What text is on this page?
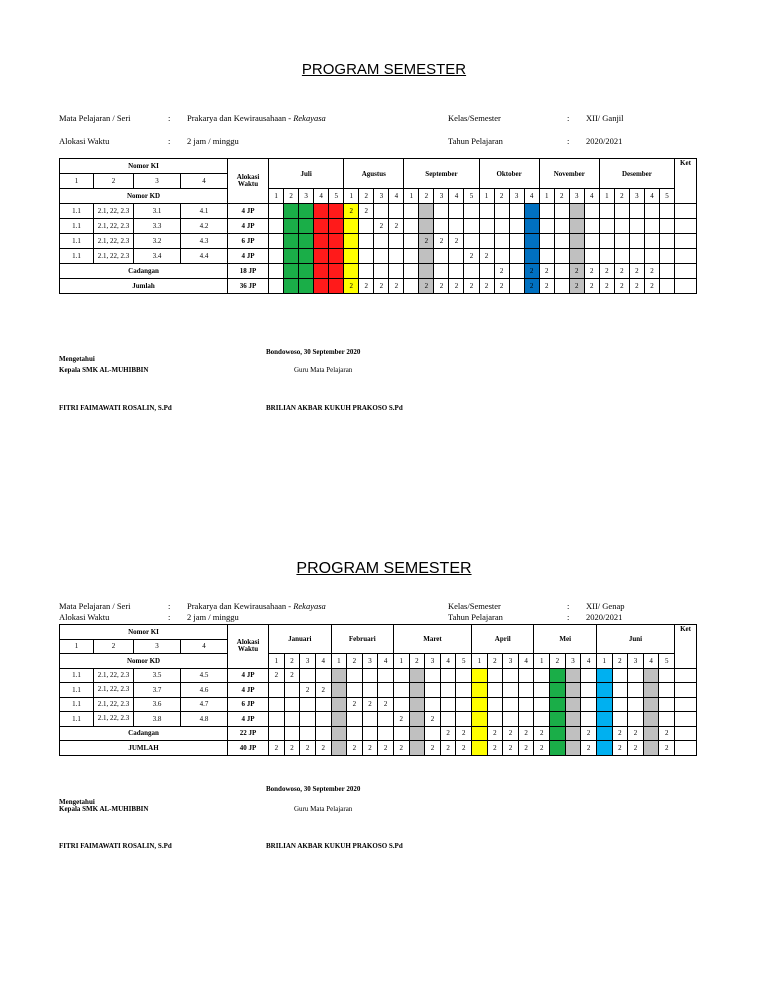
PROGRAM SEMESTER
Mata Pelajaran / Seri	: Prakarya dan Kewirausahaan - Rekayasa	Kelas/Semester	: XII/ Ganjil
Alokasi Waktu	: 2 jam / minggu	Tahun Pelajaran	: 2020/2021
Nomor KI				Alokasi Waktu	Juli					Agustus				September					Oktober				November				Desember					Ket
1	2	3	4																													
Nomor KD					1	2	3	4	5	1	2	3	4	1	2	3	4	5	1	2	3	4	1	2	3	4	1	2	3	4	5	
1.1	2.1, 22, 2.3	3.1	4.1	4 JP						2	2																					
1.1	2.1, 22, 2.3	3.3	4.2	4 JP								2	2																			
1.1	2.1, 22, 2.3	3.2	4.3	6 JP											2	2	2															
1.1	2.1, 22, 2.3	3.4	4.4	4 JP														2	2													
Cadangan				18 JP																2		2	2		2	2	2	2	2	2		
Jumlah				36 JP						2	2	2	2		2	2	2	2	2	2		2	2		2	2	2	2	2	2		
Bondowoso, 30 September 2020
Mengetahui
Kepala SMK AL-MUHIBBIN	Guru Mata Pelajaran
FITRI FAIMAWATI ROSALIN, S.Pd	BRILIAN AKBAR KUKUH PRAKOSO S.Pd
PROGRAM SEMESTER
Mata Pelajaran / Seri	: Prakarya dan Kewirausahaan - Rekayasa	Kelas/Semester	: XII/ Genap
Alokasi Waktu	: 2 jam / minggu	Tahun Pelajaran	: 2020/2021
Nomor KI				Alokasi Waktu	Januari				Februari				Maret					April				Mei				Juni					Ket
1	2	3	4																												
Nomor KD					1	2	3	4	1	2	3	4	1	2	3	4	5	1	2	3	4	1	2	3	4	1	2	3	4	5	
1.1	2.1, 22, 2.3	3.5	4.5	4 JP	2	2																									
1.1	2.1, 22, 2.3	3.7	4.6	4 JP			2	2																							
1.1	2.1, 22, 2.3	3.6	4.7	6 JP						2	2	2																			
1.1	2.1, 22, 2.3	3.8	4.8	4 JP									2		2																
Cadangan				22 JP												2	2		2	2	2	2			2		2	2		2	
JUMLAH				40 JP	2	2	2	2		2	2	2	2		2	2	2		2	2	2	2			2		2	2		2	
Bondowoso, 30 September 2020
Mengetahui
Kepala SMK AL-MUHIBBIN	Guru Mata Pelajaran
FITRI FAIMAWATI ROSALIN, S.Pd	BRILIAN AKBAR KUKUH PRAKOSO S.Pd
